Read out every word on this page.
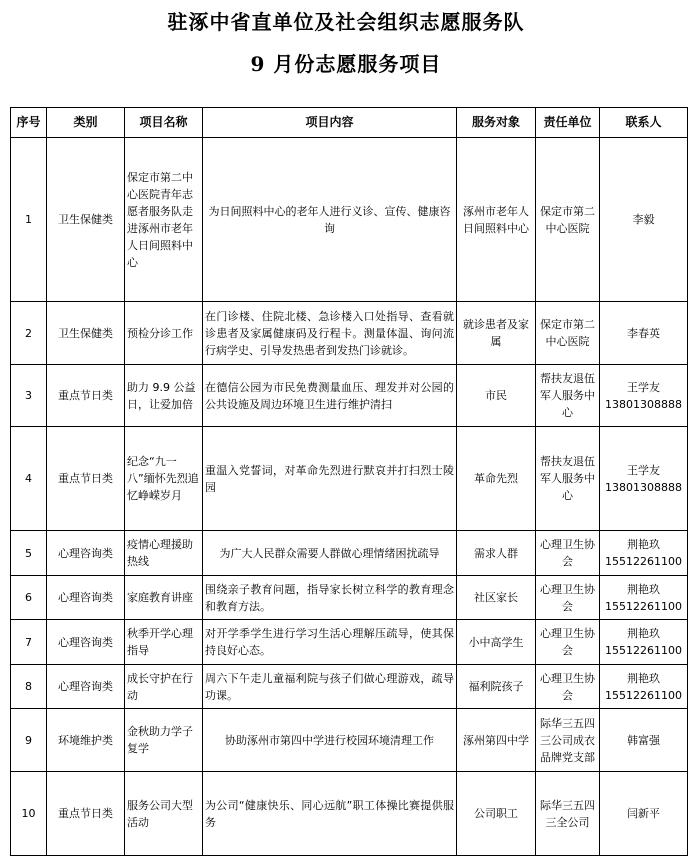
驻涿中省直单位及社会组织志愿服务队
9 月份志愿服务项目
序号	类别	项目名称	项目内容	服务对象	责任单位	联系人
1	卫生保健类	保定市第二中心医院青年志愿者服务队走进涿州市老年人日间照料中心	为日间照料中心的老年人进行义诊、宣传、健康咨询	涿州市老年人日间照料中心	保定市第二中心医院	李毅

2	卫生保健类	预检分诊工作	在门诊楼、住院北楼、急诊楼入口处指导、查看就诊患者及家属健康码及行程卡。测量体温、询问流行病学史、引导发热患者到发热门诊就诊。	就诊患者及家属	保定市第二中心医院	李春英

3	重点节日类	助力 9.9 公益日，让爱加倍	在德信公园为市民免费测量血压、理发并对公园的公共设施及周边环境卫生进行维护清扫	市民	帮扶友退伍军人服务中心	王学友
13801308888

4	重点节日类	纪念“九一八”缅怀先烈追忆峥嵘岁月	重温入党誓词，对革命先烈进行默哀并打扫烈士陵园	革命先烈	帮扶友退伍军人服务中心	王学友
13801308888

5	心理咨询类	疫情心理援助热线	为广大人民群众需要人群做心理情绪困扰疏导	需求人群	心理卫生协会	荆艳玖
15512261100

6	心理咨询类	家庭教育讲座	围绕亲子教育问题，指导家长树立科学的教育理念和教育方法。	社区家长	心理卫生协会	荆艳玖
15512261100

7	心理咨询类	秋季开学心理指导	对开学季学生进行学习生活心理解压疏导，使其保持良好心态。	小中高学生	心理卫生协会	荆艳玖
15512261100

8	心理咨询类	成长守护在行动	周六下午走儿童福利院与孩子们做心理游戏，疏导功课。	福利院孩子	心理卫生协会	荆艳玖
15512261100

9	环境维护类	金秋助力学子复学	协助涿州市第四中学进行校园环境清理工作	涿州第四中学	际华三五四三公司成衣品牌党支部	韩富强

10	重点节日类	服务公司大型活动	为公司“健康快乐、同心远航”职工体操比赛提供服务	公司职工	际华三五四三全公司	闫新平
